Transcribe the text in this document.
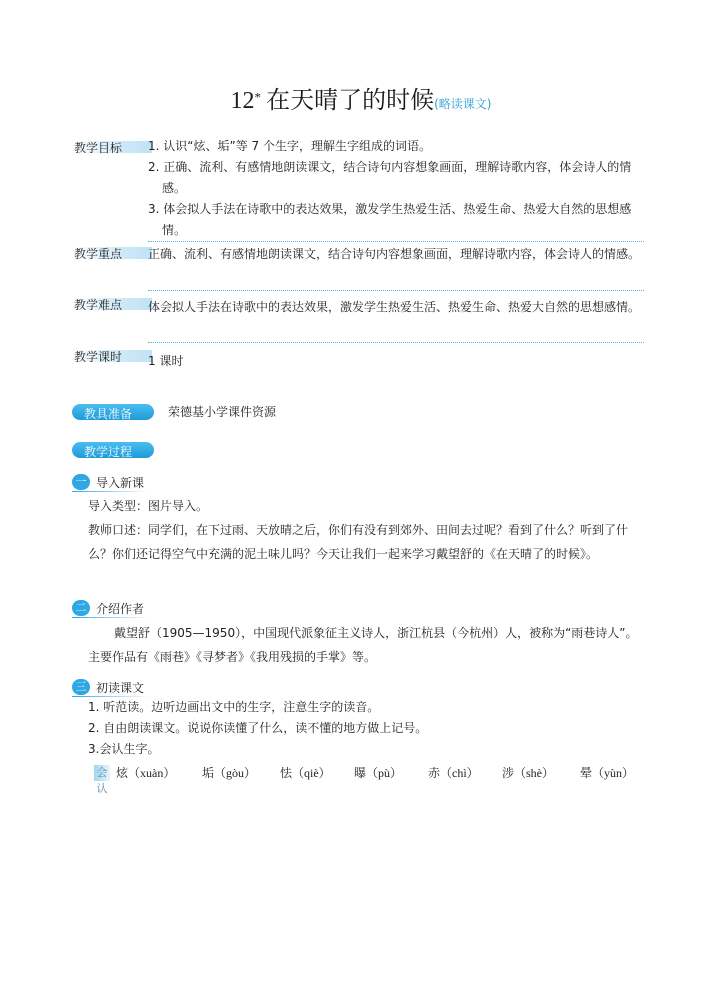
12* 在天晴了的时候(略读课文)
教学目标 1. 认识“炫、垢”等 7 个生字，理解生字组成的词语。
2. 正确、流利、有感情地朗读课文，结合诗句内容想象画面，理解诗歌内容，体会诗人的情感。
3. 体会拟人手法在诗歌中的表达效果，激发学生热爱生活、热爱生命、热爱大自然的思想感情。
教学重点 正确、流利、有感情地朗读课文，结合诗句内容想象画面，理解诗歌内容，体会诗人的情感。
教学难点 体会拟人手法在诗歌中的表达效果，激发学生热爱生活、热爱生命、热爱大自然的思想感情。
教学课时 1 课时
教具准备	荣德基小学课件资源
教学过程
一 导入新课
导入类型：图片导入。
教师口述：同学们，在下过雨、天放晴之后，你们有没有到郊外、田间去过呢？看到了什么？听到了什么？你们还记得空气中充满的泥土味儿吗？今天让我们一起来学习戴望舒的《在天晴了的时候》。
二 介绍作者
戴望舒（1905—1950），中国现代派象征主义诗人，浙江杭县（今杭州）人，被称为“雨巷诗人”。主要作品有《雨巷》《寻梦者》《我用残损的手掌》等。
三 初读课文
1. 听范读。边听边画出文中的生字，注意生字的读音。
2. 自由朗读课文。说说你读懂了什么，读不懂的地方做上记号。
3.会认生字。
会认
炫（xuàn） 垢（gòu） 怯（qiè） 曝（pù） 赤（chì） 涉（shè） 晕（yùn）
